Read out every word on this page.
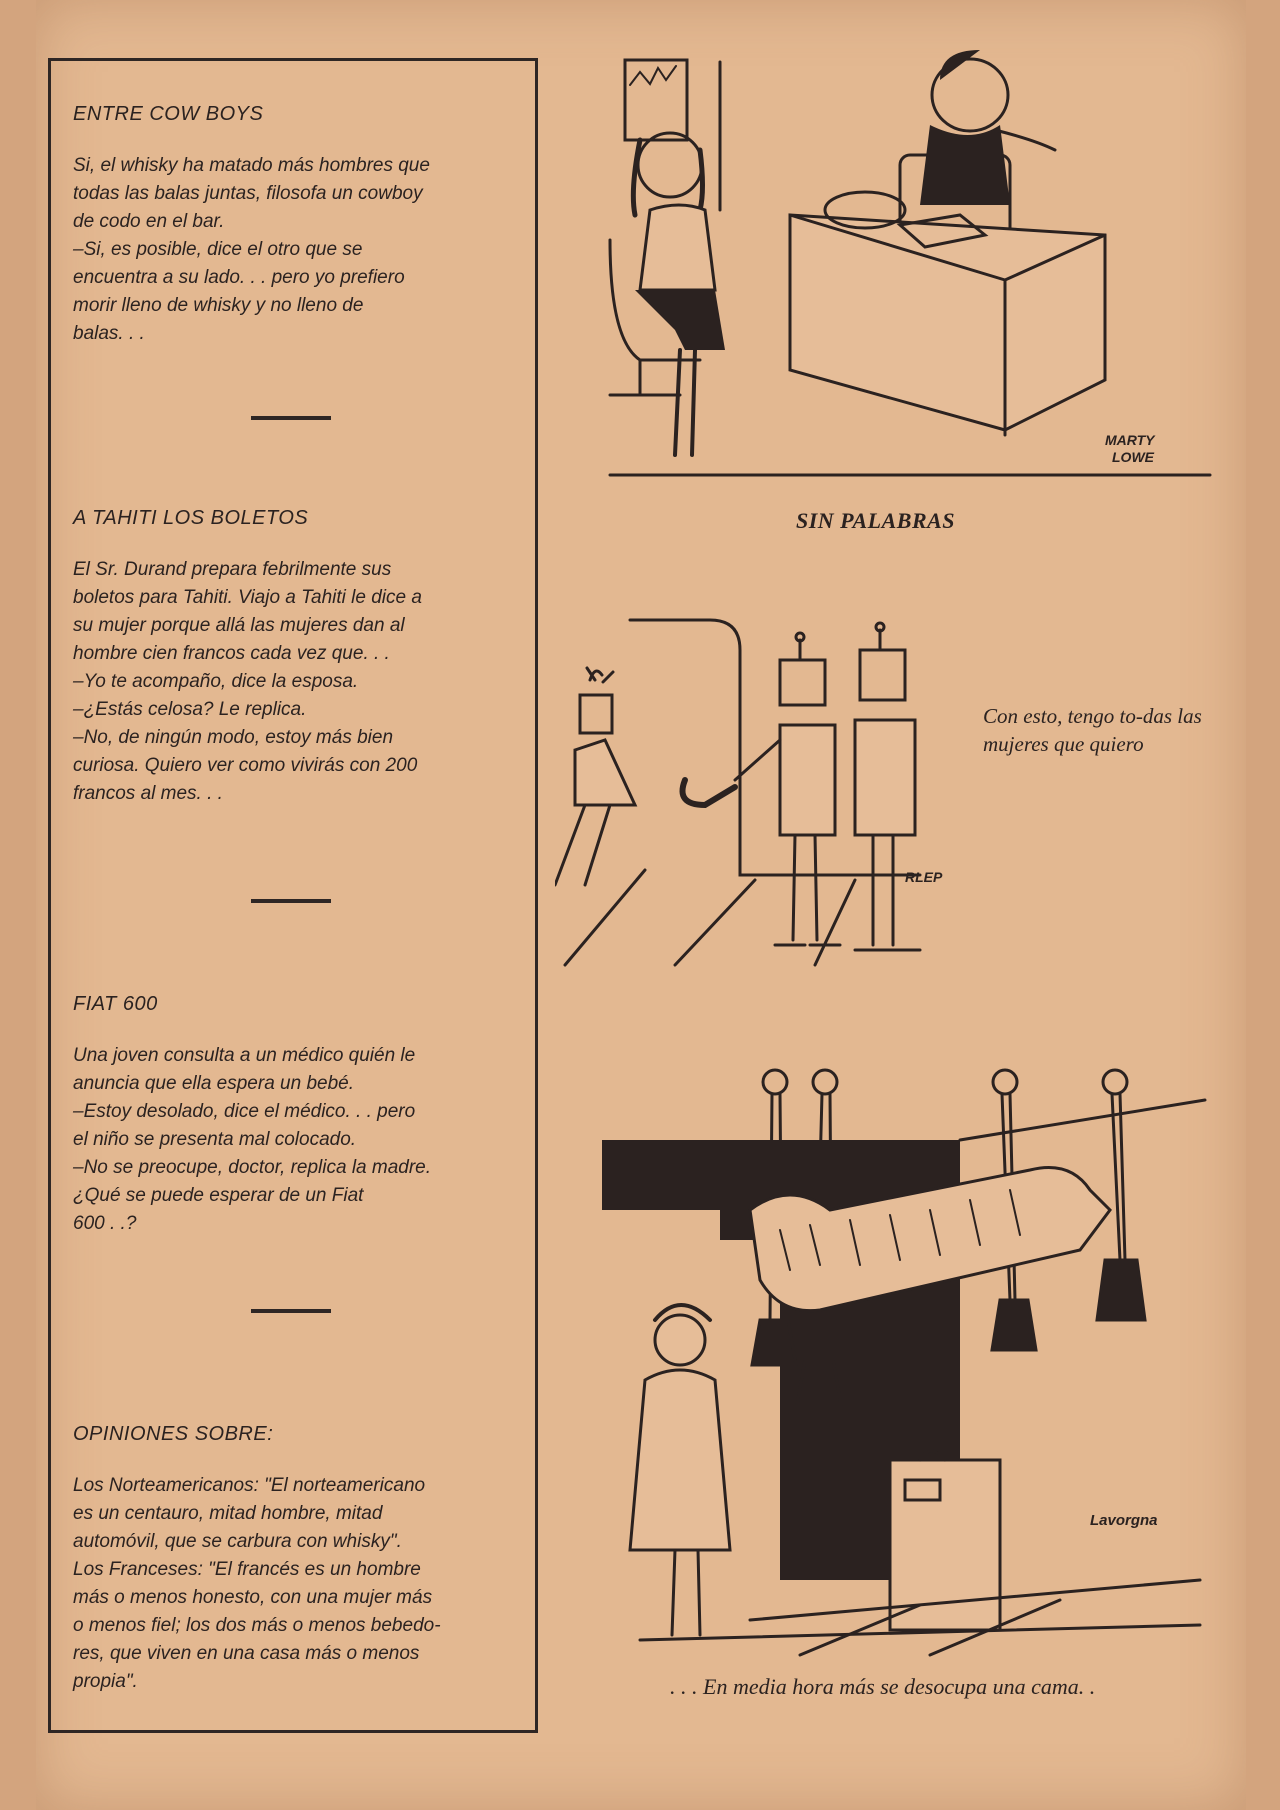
ENTRE COW BOYS

Si, el whisky ha matado más hombres que

todas las balas juntas, filosofa un cowboy

de codo en el bar.

–Si, es posible, dice el otro que se

encuentra a su lado. . . pero yo prefiero

morir lleno de whisky y no lleno de

balas. . .

A TAHITI LOS BOLETOS

El Sr. Durand prepara febrilmente sus

boletos para Tahiti. Viajo a Tahiti le dice a

su mujer porque allá las mujeres dan al

hombre cien francos cada vez que. . .

–Yo te acompaño, dice la esposa.

–¿Estás celosa? Le replica.

–No, de ningún modo, estoy más bien

curiosa. Quiero ver como vivirás con 200

francos al mes. . .

FIAT 600

Una joven consulta a un médico quién le

anuncia que ella espera un bebé.

–Estoy desolado, dice el médico. . . pero

el niño se presenta mal colocado.

–No se preocupe, doctor, replica la madre.

¿Qué se puede esperar de un Fiat

600 . .?

OPINIONES SOBRE:

Los Norteamericanos: "El norteamericano

es un centauro, mitad hombre, mitad

automóvil, que se carbura con whisky".

Los Franceses: "El francés es un hombre

más o menos honesto, con una mujer más

o menos fiel; los dos más o menos bebedo-

res, que viven en una casa más o menos

propia".

MARTY
LOWE
SIN PALABRAS
RLEP
Con esto, tengo to-das las mujeres que quiero
Lavorgna
. . . En media hora más se desocupa una cama. .
